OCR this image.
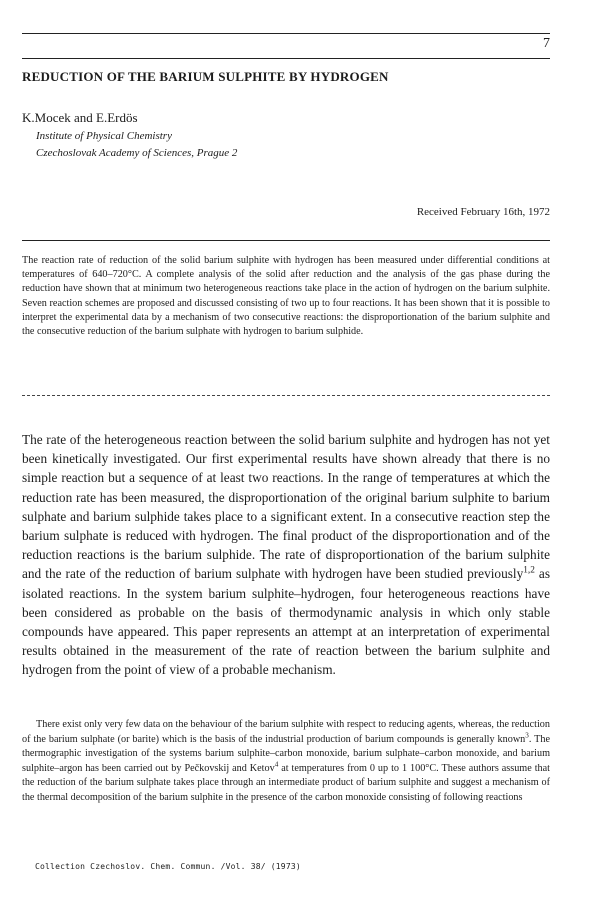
7
REDUCTION OF THE BARIUM SULPHITE BY HYDROGEN
K.Mocek and E.Erdös
Institute of Physical Chemistry
Czechoslovak Academy of Sciences, Prague 2
Received February 16th, 1972

The reaction rate of reduction of the solid barium sulphite with hydrogen has been measured under differential conditions at temperatures of 640–720°C. A complete analysis of the solid after reduction and the analysis of the gas phase during the reduction have shown that at minimum two heterogeneous reactions take place in the action of hydrogen on the barium sulphite. Seven reaction schemes are proposed and discussed consisting of two up to four reactions. It has been shown that it is possible to interpret the experimental data by a mechanism of two consecutive reactions: the disproportionation of the barium sulphite and the consecutive reduction of the barium sulphate with hydrogen to barium sulphide.

The rate of the heterogeneous reaction between the solid barium sulphite and hydrogen has not yet been kinetically investigated. Our first experimental results have shown already that there is no simple reaction but a sequence of at least two reactions. In the range of temperatures at which the reduction rate has been measured, the disproportionation of the original barium sulphite to barium sulphate and barium sulphide takes place to a significant extent. In a consecutive reaction step the barium sulphate is reduced with hydrogen. The final product of the disproportionation and of the reduction reactions is the barium sulphide. The rate of disproportionation of the barium sulphite and the rate of the reduction of barium sulphate with hydrogen have been studied previously$^{1,2}$ as isolated reactions. In the system barium sulphite–hydrogen, four heterogeneous reactions have been considered as probable on the basis of thermodynamic analysis in which only stable compounds have appeared. This paper represents an attempt at an interpretation of experimental results obtained in the measurement of the rate of reaction between the barium sulphite and hydrogen from the point of view of a probable mechanism.

There exist only very few data on the behaviour of the barium sulphite with respect to reducing agents, whereas, the reduction of the barium sulphate (or barite) which is the basis of the industrial production of barium compounds is generally known$^3$. The thermographic investigation of the systems barium sulphite–carbon monoxide, barium sulphate–carbon monoxide, and barium sulphite–argon has been carried out by Pečkovskij and Ketov$^4$ at temperatures from 0 up to 1 100°C. These authors assume that the reduction of the barium sulphate takes place through an intermediate product of barium sulphite and suggest a mechanism of the thermal decomposition of the barium sulphite in the presence of the carbon monoxide consisting of following reactions

Collection Czechoslov. Chem. Commun. /Vol. 38/ (1973)
